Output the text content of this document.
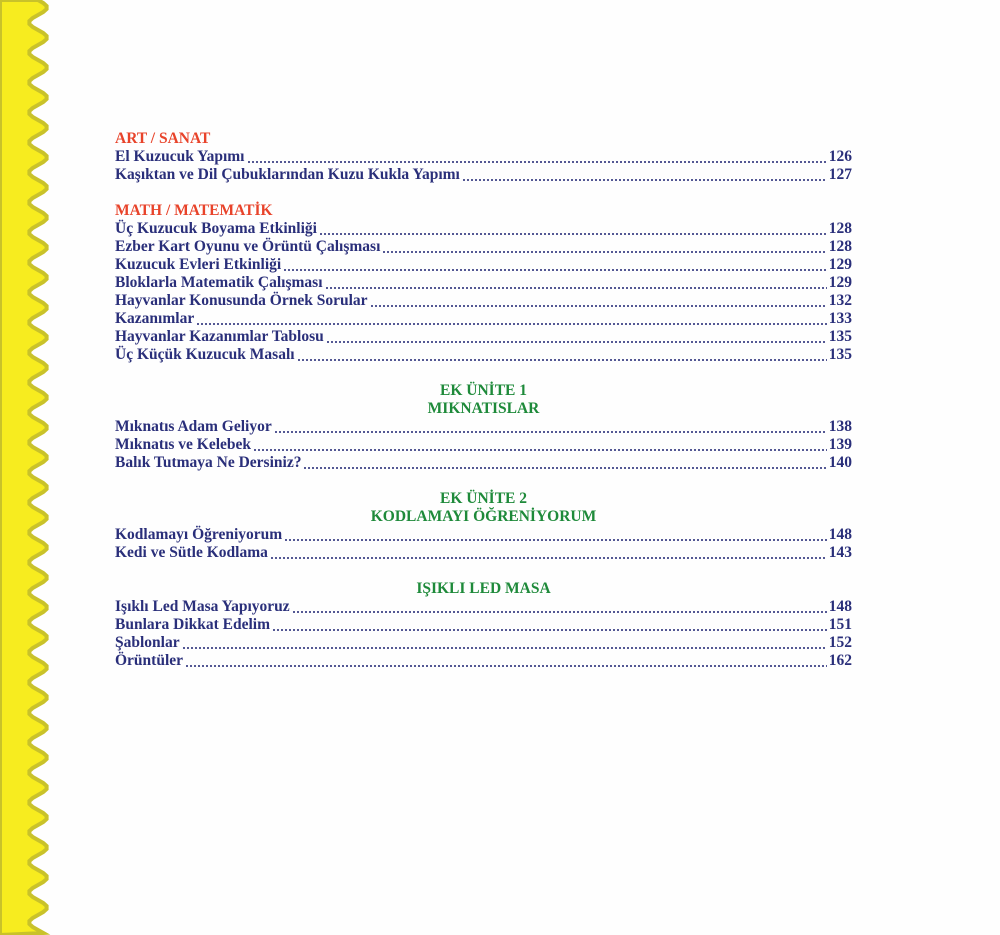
ART / SANAT
El Kuzucuk Yapımı	126
Kaşıktan ve Dil Çubuklarından Kuzu Kukla Yapımı	127
MATH / MATEMATİK
Üç Kuzucuk Boyama Etkinliği	128
Ezber Kart Oyunu ve Örüntü Çalışması	128
Kuzucuk Evleri Etkinliği	129
Bloklarla Matematik Çalışması	129
Hayvanlar Konusunda Örnek Sorular	132
Kazanımlar	133
Hayvanlar Kazanımlar Tablosu	135
Üç Küçük Kuzucuk Masalı	135
EK ÜNİTE 1
MIKNATISLAR
Mıknatıs Adam Geliyor	138
Mıknatıs ve Kelebek	139
Balık Tutmaya Ne Dersiniz?	140
EK ÜNİTE 2
KODLAMAYI ÖĞRENİYORUM
Kodlamayı Öğreniyorum	148
Kedi ve Sütle Kodlama	143
IŞIKLI LED MASA
Işıklı Led Masa Yapıyoruz	148
Bunlara Dikkat Edelim	151
Şablonlar	152
Örüntüler	162
